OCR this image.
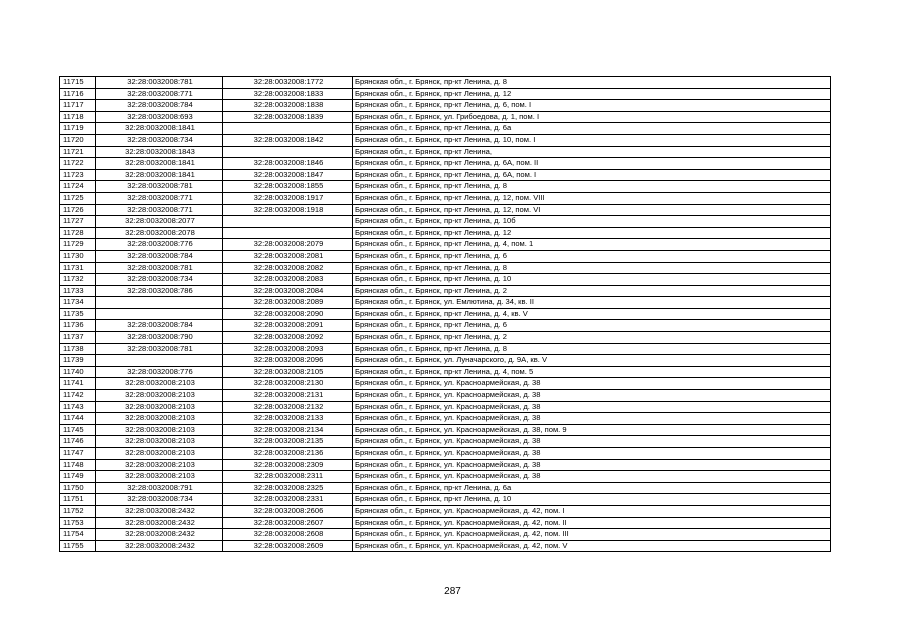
11715	32:28:0032008:781	32:28:0032008:1772	Брянская обл., г. Брянск, пр-кт Ленина, д. 8
11716	32:28:0032008:771	32:28:0032008:1833	Брянская обл., г. Брянск, пр-кт Ленина, д. 12
11717	32:28:0032008:784	32:28:0032008:1838	Брянская обл., г. Брянск, пр-кт Ленина, д. 6, пом. I
11718	32:28:0032008:693	32:28:0032008:1839	Брянская обл., г. Брянск, ул. Грибоедова, д. 1, пом. I
11719	32:28:0032008:1841		Брянская обл., г. Брянск, пр-кт Ленина, д. 6а
11720	32:28:0032008:734	32:28:0032008:1842	Брянская обл., г. Брянск, пр-кт Ленина, д. 10, пом. I
11721	32:28:0032008:1843		Брянская обл., г. Брянск, пр-кт Ленина,
11722	32:28:0032008:1841	32:28:0032008:1846	Брянская обл., г. Брянск, пр-кт Ленина, д. 6А, пом. II
11723	32:28:0032008:1841	32:28:0032008:1847	Брянская обл., г. Брянск, пр-кт Ленина, д. 6А, пом. I
11724	32:28:0032008:781	32:28:0032008:1855	Брянская обл., г. Брянск, пр-кт Ленина, д. 8
11725	32:28:0032008:771	32:28:0032008:1917	Брянская обл., г. Брянск, пр-кт Ленина, д. 12, пом. VIII
11726	32:28:0032008:771	32:28:0032008:1918	Брянская обл., г. Брянск, пр-кт Ленина, д. 12, пом. VI
11727	32:28:0032008:2077		Брянская обл., г. Брянск, пр-кт Ленина, д. 10б
11728	32:28:0032008:2078		Брянская обл., г. Брянск, пр-кт Ленина, д. 12
11729	32:28:0032008:776	32:28:0032008:2079	Брянская обл., г. Брянск, пр-кт Ленина, д. 4, пом. 1
11730	32:28:0032008:784	32:28:0032008:2081	Брянская обл., г. Брянск, пр-кт Ленина, д. 6
11731	32:28:0032008:781	32:28:0032008:2082	Брянская обл., г. Брянск, пр-кт Ленина, д. 8
11732	32:28:0032008:734	32:28:0032008:2083	Брянская обл., г. Брянск, пр-кт Ленина, д. 10
11733	32:28:0032008:786	32:28:0032008:2084	Брянская обл., г. Брянск, пр-кт Ленина, д. 2
11734		32:28:0032008:2089	Брянская обл., г. Брянск, ул. Емлютина, д. 34, кв. II
11735		32:28:0032008:2090	Брянская обл., г. Брянск, пр-кт Ленина, д. 4, кв. V
11736	32:28:0032008:784	32:28:0032008:2091	Брянская обл., г. Брянск, пр-кт Ленина, д. 6
11737	32:28:0032008:790	32:28:0032008:2092	Брянская обл., г. Брянск, пр-кт Ленина, д. 2
11738	32:28:0032008:781	32:28:0032008:2093	Брянская обл., г. Брянск, пр-кт Ленина, д. 8
11739		32:28:0032008:2096	Брянская обл., г. Брянск, ул. Луначарского, д. 9А, кв. V
11740	32:28:0032008:776	32:28:0032008:2105	Брянская обл., г. Брянск, пр-кт Ленина, д. 4, пом. 5
11741	32:28:0032008:2103	32:28:0032008:2130	Брянская обл., г. Брянск, ул. Красноармейская, д. 38
11742	32:28:0032008:2103	32:28:0032008:2131	Брянская обл., г. Брянск, ул. Красноармейская, д. 38
11743	32:28:0032008:2103	32:28:0032008:2132	Брянская обл., г. Брянск, ул. Красноармейская, д. 38
11744	32:28:0032008:2103	32:28:0032008:2133	Брянская обл., г. Брянск, ул. Красноармейская, д. 38
11745	32:28:0032008:2103	32:28:0032008:2134	Брянская обл., г. Брянск, ул. Красноармейская, д. 38, пом. 9
11746	32:28:0032008:2103	32:28:0032008:2135	Брянская обл., г. Брянск, ул. Красноармейская, д. 38
11747	32:28:0032008:2103	32:28:0032008:2136	Брянская обл., г. Брянск, ул. Красноармейская, д. 38
11748	32:28:0032008:2103	32:28:0032008:2309	Брянская обл., г. Брянск, ул. Красноармейская, д. 38
11749	32:28:0032008:2103	32:28:0032008:2311	Брянская обл., г. Брянск, ул. Красноармейская, д. 38
11750	32:28:0032008:791	32:28:0032008:2325	Брянская обл., г. Брянск, пр-кт Ленина, д. 6а
11751	32:28:0032008:734	32:28:0032008:2331	Брянская обл., г. Брянск, пр-кт Ленина, д. 10
11752	32:28:0032008:2432	32:28:0032008:2606	Брянская обл., г. Брянск, ул. Красноармейская, д. 42, пом. I
11753	32:28:0032008:2432	32:28:0032008:2607	Брянская обл., г. Брянск, ул. Красноармейская, д. 42, пом. II
11754	32:28:0032008:2432	32:28:0032008:2608	Брянская обл., г. Брянск, ул. Красноармейская, д. 42, пом. III
11755	32:28:0032008:2432	32:28:0032008:2609	Брянская обл., г. Брянск, ул. Красноармейская, д. 42, пом. V
287
